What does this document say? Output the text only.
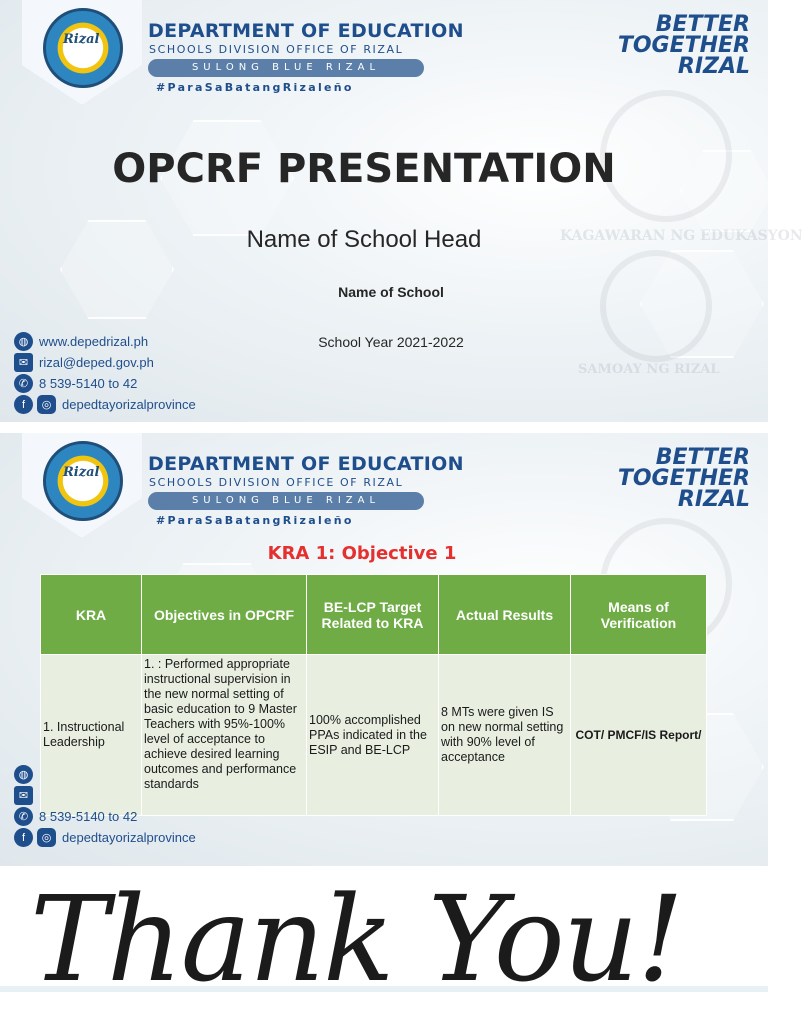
KAGAWARAN NG EDUKASYON
SAMOAY NG RIZAL
Rizal	DEPARTMENT OF EDUCATION
SCHOOLS DIVISION OFFICE OF RIZAL
SULONG BLUE RIZAL
#ParaSaBatangRizaleño
BETTER
TOGETHER
RIZAL
OPCRF PRESENTATION
Name of School Head
Name of School
School Year 2021-2022
◍ www.depedrizal.ph
✉ rizal@deped.gov.ph
✆ 8 539-5140 to 42
f	◎ depedtayorizalprovince
Rizal	DEPARTMENT OF EDUCATION
SCHOOLS DIVISION OFFICE OF RIZAL
SULONG BLUE RIZAL
#ParaSaBatangRizaleño
BETTER
TOGETHER
RIZAL
KRA 1: Objective 1
KRA	Objectives in OPCRF	BE-LCP Target Related to KRA	Actual Results	Means of Verification
1. Instructional Leadership	1. : Performed appropriate instructional supervision in the new normal setting of basic education to 9 Master Teachers with 95%-100% level of acceptance to achieve desired learning outcomes and performance standards	100% accomplished PPAs indicated in the ESIP and BE-LCP	8 MTs were given IS on new normal setting with 90% level of acceptance	COT/ PMCF/IS Report/
◍
✉
✆ 8 539-5140 to 42
f	◎ depedtayorizalprovince
Thank You!
